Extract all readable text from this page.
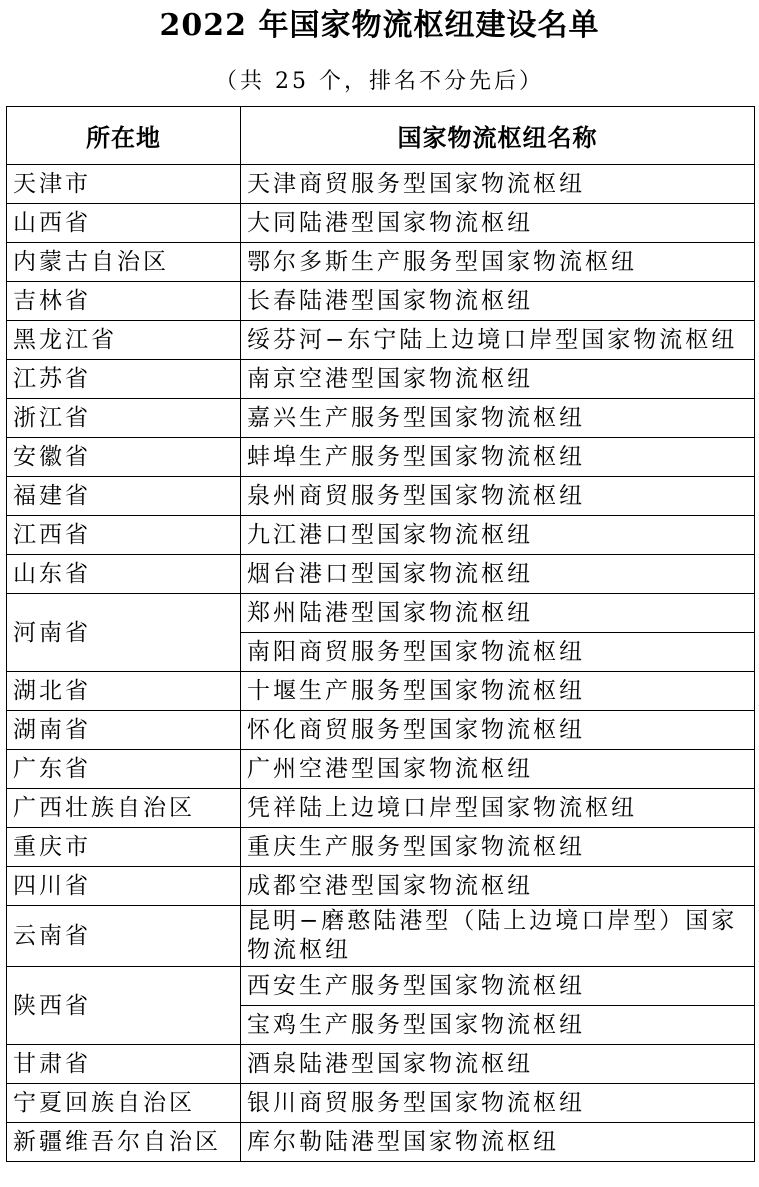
2022 年国家物流枢纽建设名单
（共 25 个，排名不分先后）
所在地	国家物流枢纽名称
天津市	天津商贸服务型国家物流枢纽
山西省	大同陆港型国家物流枢纽
内蒙古自治区	鄂尔多斯生产服务型国家物流枢纽
吉林省	长春陆港型国家物流枢纽
黑龙江省	绥芬河−东宁陆上边境口岸型国家物流枢纽
江苏省	南京空港型国家物流枢纽
浙江省	嘉兴生产服务型国家物流枢纽
安徽省	蚌埠生产服务型国家物流枢纽
福建省	泉州商贸服务型国家物流枢纽
江西省	九江港口型国家物流枢纽
山东省	烟台港口型国家物流枢纽
河南省	郑州陆港型国家物流枢纽
	南阳商贸服务型国家物流枢纽
湖北省	十堰生产服务型国家物流枢纽
湖南省	怀化商贸服务型国家物流枢纽
广东省	广州空港型国家物流枢纽
广西壮族自治区	凭祥陆上边境口岸型国家物流枢纽
重庆市	重庆生产服务型国家物流枢纽
四川省	成都空港型国家物流枢纽
云南省	昆明−磨憨陆港型（陆上边境口岸型）国家物流枢纽
陕西省	西安生产服务型国家物流枢纽
	宝鸡生产服务型国家物流枢纽
甘肃省	酒泉陆港型国家物流枢纽
宁夏回族自治区	银川商贸服务型国家物流枢纽
新疆维吾尔自治区	库尔勒陆港型国家物流枢纽
